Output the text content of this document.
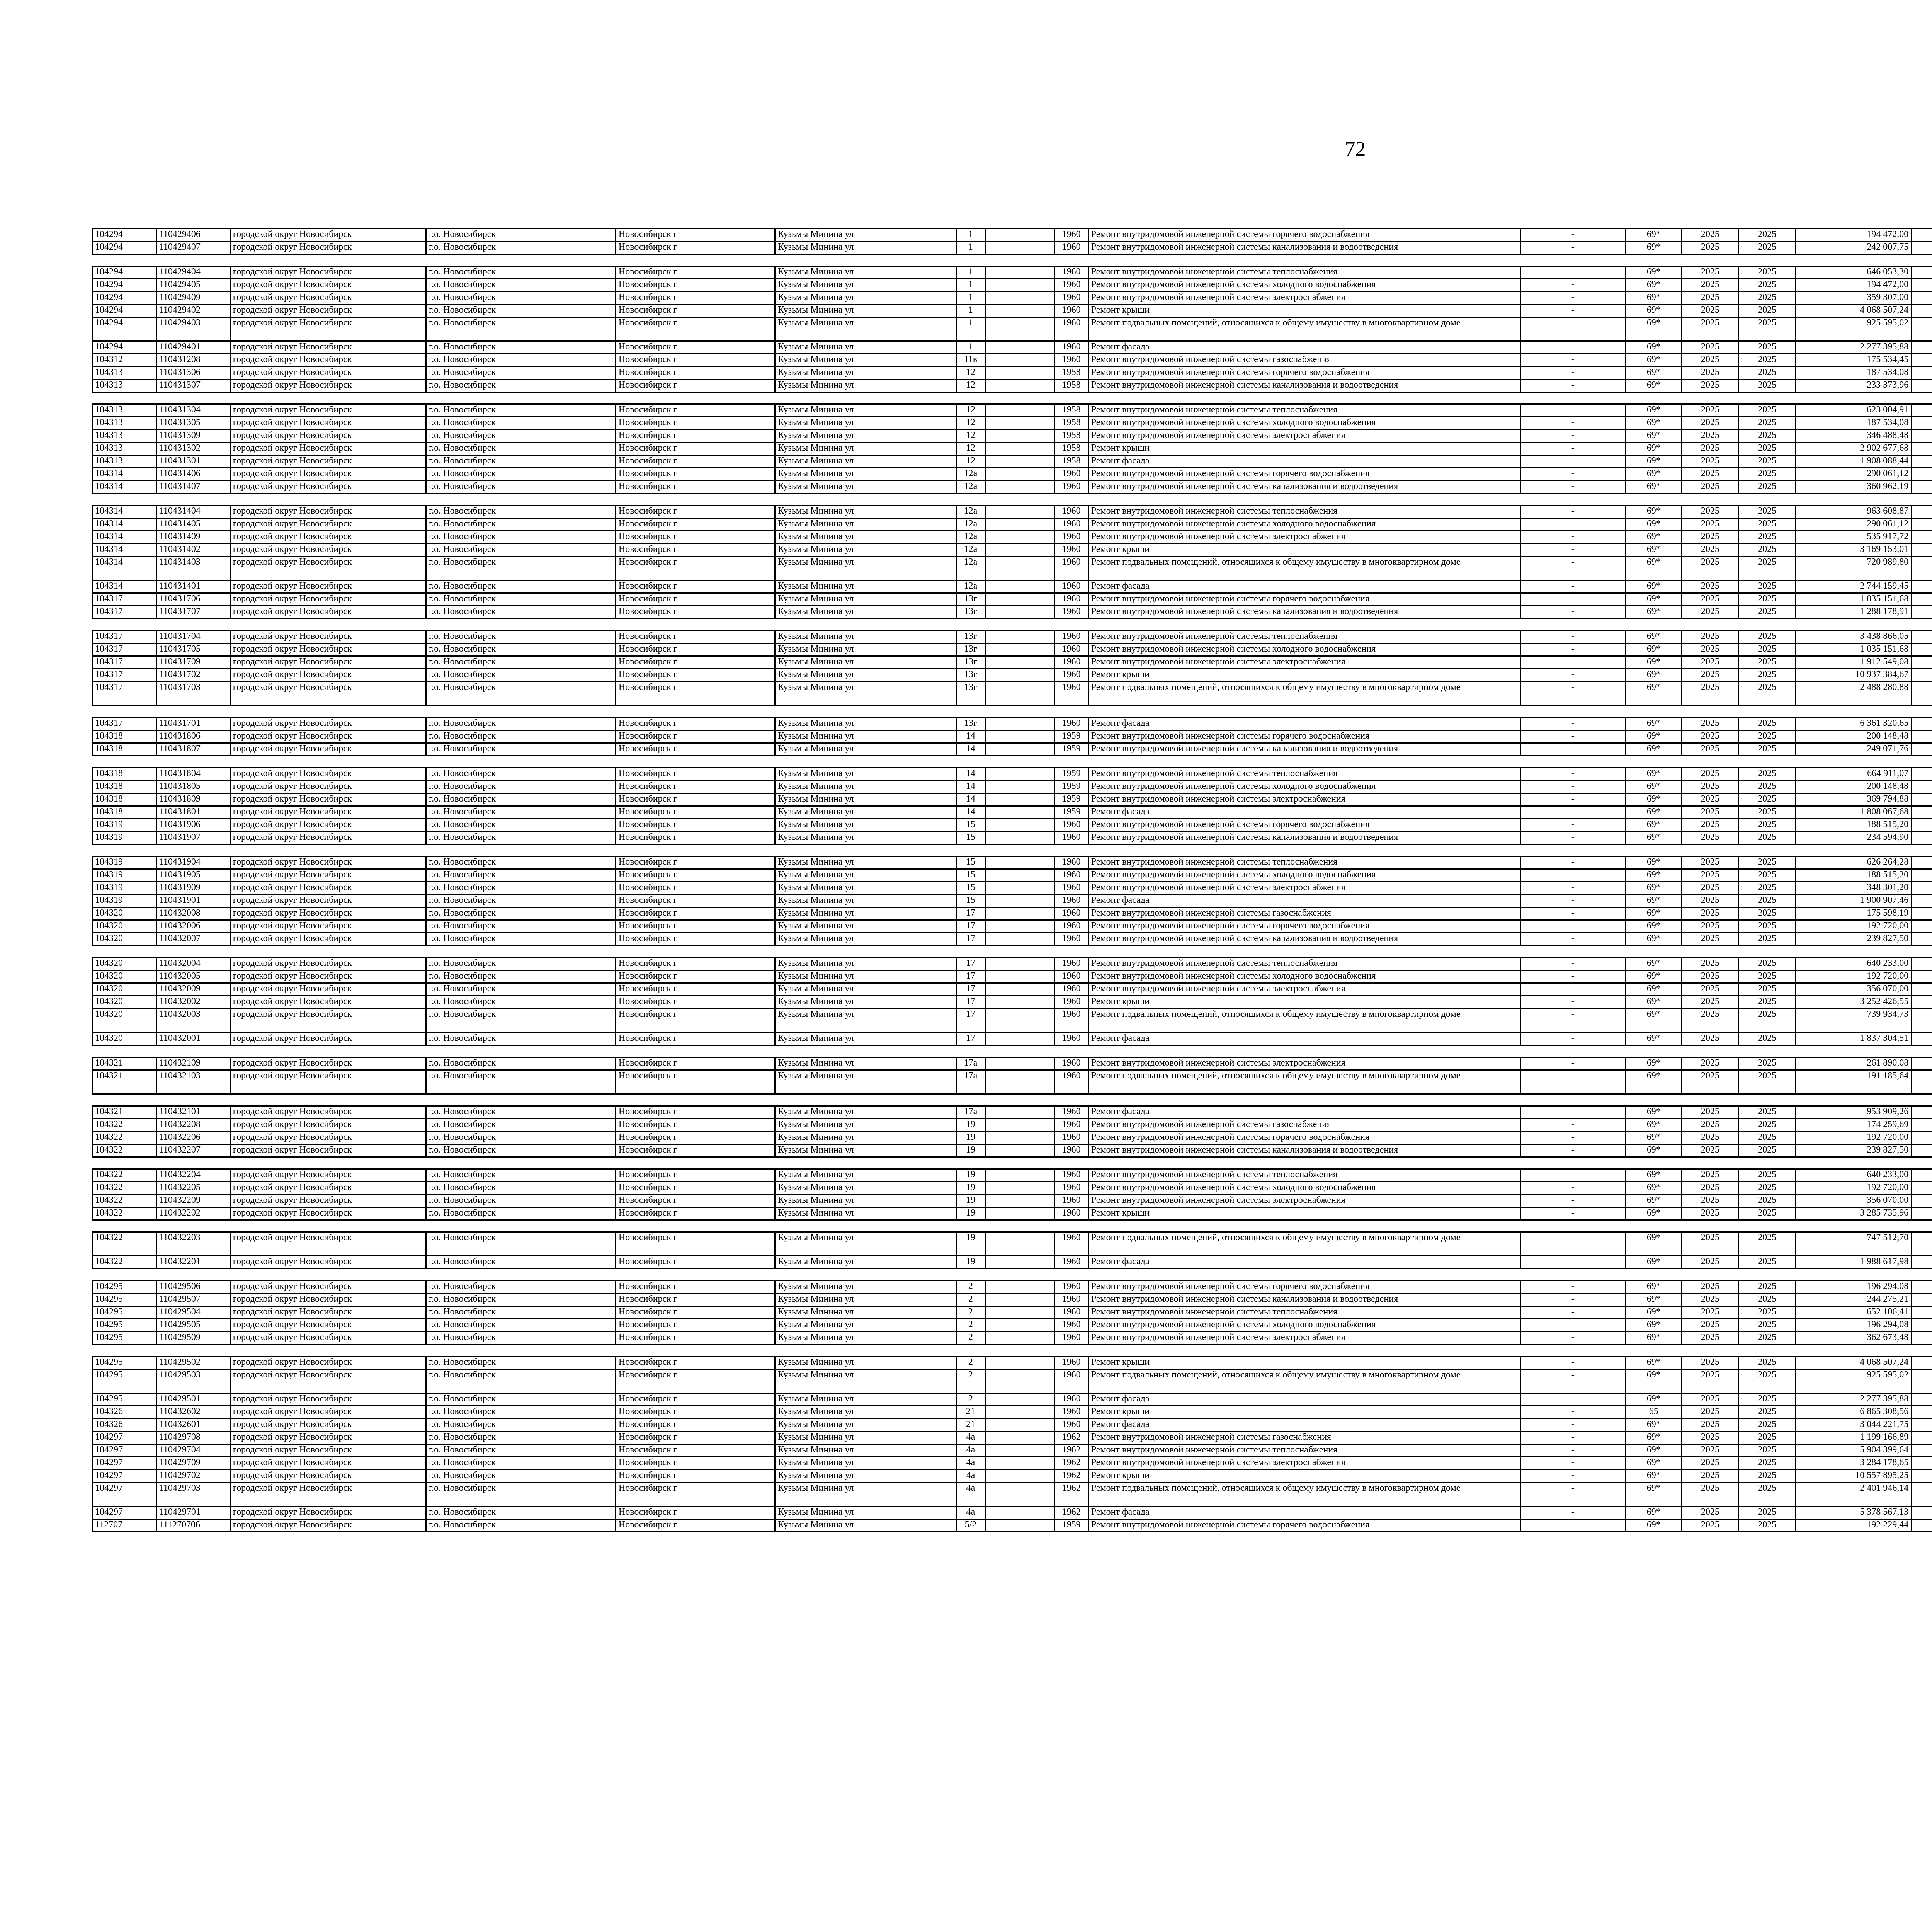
72
104294	110429406	городской округ Новосибирск	г.о. Новосибирск	Новосибирск г	Кузьмы Минина ул	1		1960	Ремонт внутридомовой инженерной системы горячего водоснабжения	-	69*	2025	2025	194 472,00						
104294	110429407	городской округ Новосибирск	г.о. Новосибирск	Новосибирск г	Кузьмы Минина ул	1		1960	Ремонт внутридомовой инженерной системы канализования и водоотведения	-	69*	2025	2025	242 007,75						

104294	110429404	городской округ Новосибирск	г.о. Новосибирск	Новосибирск г	Кузьмы Минина ул	1		1960	Ремонт внутридомовой инженерной системы теплоснабжения	-	69*	2025	2025	646 053,30						
104294	110429405	городской округ Новосибирск	г.о. Новосибирск	Новосибирск г	Кузьмы Минина ул	1		1960	Ремонт внутридомовой инженерной системы холодного водоснабжения	-	69*	2025	2025	194 472,00						
104294	110429409	городской округ Новосибирск	г.о. Новосибирск	Новосибирск г	Кузьмы Минина ул	1		1960	Ремонт внутридомовой инженерной системы электроснабжения	-	69*	2025	2025	359 307,00						
104294	110429402	городской округ Новосибирск	г.о. Новосибирск	Новосибирск г	Кузьмы Минина ул	1		1960	Ремонт крыши	-	69*	2025	2025	4 068 507,24						
104294	110429403	городской округ Новосибирск	г.о. Новосибирск	Новосибирск г	Кузьмы Минина ул	1		1960	Ремонт подвальных помещений, относящихся к общему имуществу в многоквартирном доме	-	69*	2025	2025	925 595,02						
104294	110429401	городской округ Новосибирск	г.о. Новосибирск	Новосибирск г	Кузьмы Минина ул	1		1960	Ремонт фасада	-	69*	2025	2025	2 277 395,88						
104312	110431208	городской округ Новосибирск	г.о. Новосибирск	Новосибирск г	Кузьмы Минина ул	11в		1960	Ремонт внутридомовой инженерной системы газоснабжения	-	69*	2025	2025	175 534,45						
104313	110431306	городской округ Новосибирск	г.о. Новосибирск	Новосибирск г	Кузьмы Минина ул	12		1958	Ремонт внутридомовой инженерной системы горячего водоснабжения	-	69*	2025	2025	187 534,08						
104313	110431307	городской округ Новосибирск	г.о. Новосибирск	Новосибирск г	Кузьмы Минина ул	12		1958	Ремонт внутридомовой инженерной системы канализования и водоотведения	-	69*	2025	2025	233 373,96						

104313	110431304	городской округ Новосибирск	г.о. Новосибирск	Новосибирск г	Кузьмы Минина ул	12		1958	Ремонт внутридомовой инженерной системы теплоснабжения	-	69*	2025	2025	623 004,91						
104313	110431305	городской округ Новосибирск	г.о. Новосибирск	Новосибирск г	Кузьмы Минина ул	12		1958	Ремонт внутридомовой инженерной системы холодного водоснабжения	-	69*	2025	2025	187 534,08						
104313	110431309	городской округ Новосибирск	г.о. Новосибирск	Новосибирск г	Кузьмы Минина ул	12		1958	Ремонт внутридомовой инженерной системы электроснабжения	-	69*	2025	2025	346 488,48						
104313	110431302	городской округ Новосибирск	г.о. Новосибирск	Новосибирск г	Кузьмы Минина ул	12		1958	Ремонт крыши	-	69*	2025	2025	2 902 677,68						
104313	110431301	городской округ Новосибирск	г.о. Новосибирск	Новосибирск г	Кузьмы Минина ул	12		1958	Ремонт фасада	-	69*	2025	2025	1 908 088,44						
104314	110431406	городской округ Новосибирск	г.о. Новосибирск	Новосибирск г	Кузьмы Минина ул	12а		1960	Ремонт внутридомовой инженерной системы горячего водоснабжения	-	69*	2025	2025	290 061,12						
104314	110431407	городской округ Новосибирск	г.о. Новосибирск	Новосибирск г	Кузьмы Минина ул	12а		1960	Ремонт внутридомовой инженерной системы канализования и водоотведения	-	69*	2025	2025	360 962,19						

104314	110431404	городской округ Новосибирск	г.о. Новосибирск	Новосибирск г	Кузьмы Минина ул	12а		1960	Ремонт внутридомовой инженерной системы теплоснабжения	-	69*	2025	2025	963 608,87						
104314	110431405	городской округ Новосибирск	г.о. Новосибирск	Новосибирск г	Кузьмы Минина ул	12а		1960	Ремонт внутридомовой инженерной системы холодного водоснабжения	-	69*	2025	2025	290 061,12						
104314	110431409	городской округ Новосибирск	г.о. Новосибирск	Новосибирск г	Кузьмы Минина ул	12а		1960	Ремонт внутридомовой инженерной системы электроснабжения	-	69*	2025	2025	535 917,72						
104314	110431402	городской округ Новосибирск	г.о. Новосибирск	Новосибирск г	Кузьмы Минина ул	12а		1960	Ремонт крыши	-	69*	2025	2025	3 169 153,01						
104314	110431403	городской округ Новосибирск	г.о. Новосибирск	Новосибирск г	Кузьмы Минина ул	12а		1960	Ремонт подвальных помещений, относящихся к общему имуществу в многоквартирном доме	-	69*	2025	2025	720 989,80						
104314	110431401	городской округ Новосибирск	г.о. Новосибирск	Новосибирск г	Кузьмы Минина ул	12а		1960	Ремонт фасада	-	69*	2025	2025	2 744 159,45						
104317	110431706	городской округ Новосибирск	г.о. Новосибирск	Новосибирск г	Кузьмы Минина ул	13г		1960	Ремонт внутридомовой инженерной системы горячего водоснабжения	-	69*	2025	2025	1 035 151,68						
104317	110431707	городской округ Новосибирск	г.о. Новосибирск	Новосибирск г	Кузьмы Минина ул	13г		1960	Ремонт внутридомовой инженерной системы канализования и водоотведения	-	69*	2025	2025	1 288 178,91						

104317	110431704	городской округ Новосибирск	г.о. Новосибирск	Новосибирск г	Кузьмы Минина ул	13г		1960	Ремонт внутридомовой инженерной системы теплоснабжения	-	69*	2025	2025	3 438 866,05						
104317	110431705	городской округ Новосибирск	г.о. Новосибирск	Новосибирск г	Кузьмы Минина ул	13г		1960	Ремонт внутридомовой инженерной системы холодного водоснабжения	-	69*	2025	2025	1 035 151,68						
104317	110431709	городской округ Новосибирск	г.о. Новосибирск	Новосибирск г	Кузьмы Минина ул	13г		1960	Ремонт внутридомовой инженерной системы электроснабжения	-	69*	2025	2025	1 912 549,08						
104317	110431702	городской округ Новосибирск	г.о. Новосибирск	Новосибирск г	Кузьмы Минина ул	13г		1960	Ремонт крыши	-	69*	2025	2025	10 937 384,67						
104317	110431703	городской округ Новосибирск	г.о. Новосибирск	Новосибирск г	Кузьмы Минина ул	13г		1960	Ремонт подвальных помещений, относящихся к общему имуществу в многоквартирном доме	-	69*	2025	2025	2 488 280,88						

104317	110431701	городской округ Новосибирск	г.о. Новосибирск	Новосибирск г	Кузьмы Минина ул	13г		1960	Ремонт фасада	-	69*	2025	2025	6 361 320,65						
104318	110431806	городской округ Новосибирск	г.о. Новосибирск	Новосибирск г	Кузьмы Минина ул	14		1959	Ремонт внутридомовой инженерной системы горячего водоснабжения	-	69*	2025	2025	200 148,48						
104318	110431807	городской округ Новосибирск	г.о. Новосибирск	Новосибирск г	Кузьмы Минина ул	14		1959	Ремонт внутридомовой инженерной системы канализования и водоотведения	-	69*	2025	2025	249 071,76						

104318	110431804	городской округ Новосибирск	г.о. Новосибирск	Новосибирск г	Кузьмы Минина ул	14		1959	Ремонт внутридомовой инженерной системы теплоснабжения	-	69*	2025	2025	664 911,07						
104318	110431805	городской округ Новосибирск	г.о. Новосибирск	Новосибирск г	Кузьмы Минина ул	14		1959	Ремонт внутридомовой инженерной системы холодного водоснабжения	-	69*	2025	2025	200 148,48						
104318	110431809	городской округ Новосибирск	г.о. Новосибирск	Новосибирск г	Кузьмы Минина ул	14		1959	Ремонт внутридомовой инженерной системы электроснабжения	-	69*	2025	2025	369 794,88						
104318	110431801	городской округ Новосибирск	г.о. Новосибирск	Новосибирск г	Кузьмы Минина ул	14		1959	Ремонт фасада	-	69*	2025	2025	1 808 067,68						
104319	110431906	городской округ Новосибирск	г.о. Новосибирск	Новосибирск г	Кузьмы Минина ул	15		1960	Ремонт внутридомовой инженерной системы горячего водоснабжения	-	69*	2025	2025	188 515,20						
104319	110431907	городской округ Новосибирск	г.о. Новосибирск	Новосибирск г	Кузьмы Минина ул	15		1960	Ремонт внутридомовой инженерной системы канализования и водоотведения	-	69*	2025	2025	234 594,90						

104319	110431904	городской округ Новосибирск	г.о. Новосибирск	Новосибирск г	Кузьмы Минина ул	15		1960	Ремонт внутридомовой инженерной системы теплоснабжения	-	69*	2025	2025	626 264,28						
104319	110431905	городской округ Новосибирск	г.о. Новосибирск	Новосибирск г	Кузьмы Минина ул	15		1960	Ремонт внутридомовой инженерной системы холодного водоснабжения	-	69*	2025	2025	188 515,20						
104319	110431909	городской округ Новосибирск	г.о. Новосибирск	Новосибирск г	Кузьмы Минина ул	15		1960	Ремонт внутридомовой инженерной системы электроснабжения	-	69*	2025	2025	348 301,20						
104319	110431901	городской округ Новосибирск	г.о. Новосибирск	Новосибирск г	Кузьмы Минина ул	15		1960	Ремонт фасада	-	69*	2025	2025	1 900 907,46						
104320	110432008	городской округ Новосибирск	г.о. Новосибирск	Новосибирск г	Кузьмы Минина ул	17		1960	Ремонт внутридомовой инженерной системы газоснабжения	-	69*	2025	2025	175 598,19						
104320	110432006	городской округ Новосибирск	г.о. Новосибирск	Новосибирск г	Кузьмы Минина ул	17		1960	Ремонт внутридомовой инженерной системы горячего водоснабжения	-	69*	2025	2025	192 720,00						
104320	110432007	городской округ Новосибирск	г.о. Новосибирск	Новосибирск г	Кузьмы Минина ул	17		1960	Ремонт внутридомовой инженерной системы канализования и водоотведения	-	69*	2025	2025	239 827,50						

104320	110432004	городской округ Новосибирск	г.о. Новосибирск	Новосибирск г	Кузьмы Минина ул	17		1960	Ремонт внутридомовой инженерной системы теплоснабжения	-	69*	2025	2025	640 233,00						
104320	110432005	городской округ Новосибирск	г.о. Новосибирск	Новосибирск г	Кузьмы Минина ул	17		1960	Ремонт внутридомовой инженерной системы холодного водоснабжения	-	69*	2025	2025	192 720,00						
104320	110432009	городской округ Новосибирск	г.о. Новосибирск	Новосибирск г	Кузьмы Минина ул	17		1960	Ремонт внутридомовой инженерной системы электроснабжения	-	69*	2025	2025	356 070,00						
104320	110432002	городской округ Новосибирск	г.о. Новосибирск	Новосибирск г	Кузьмы Минина ул	17		1960	Ремонт крыши	-	69*	2025	2025	3 252 426,55						
104320	110432003	городской округ Новосибирск	г.о. Новосибирск	Новосибирск г	Кузьмы Минина ул	17		1960	Ремонт подвальных помещений, относящихся к общему имуществу в многоквартирном доме	-	69*	2025	2025	739 934,73						
104320	110432001	городской округ Новосибирск	г.о. Новосибирск	Новосибирск г	Кузьмы Минина ул	17		1960	Ремонт фасада	-	69*	2025	2025	1 837 304,51						

104321	110432109	городской округ Новосибирск	г.о. Новосибирск	Новосибирск г	Кузьмы Минина ул	17а		1960	Ремонт внутридомовой инженерной системы электроснабжения	-	69*	2025	2025	261 890,08						
104321	110432103	городской округ Новосибирск	г.о. Новосибирск	Новосибирск г	Кузьмы Минина ул	17а		1960	Ремонт подвальных помещений, относящихся к общему имуществу в многоквартирном доме	-	69*	2025	2025	191 185,64						

104321	110432101	городской округ Новосибирск	г.о. Новосибирск	Новосибирск г	Кузьмы Минина ул	17а		1960	Ремонт фасада	-	69*	2025	2025	953 909,26						
104322	110432208	городской округ Новосибирск	г.о. Новосибирск	Новосибирск г	Кузьмы Минина ул	19		1960	Ремонт внутридомовой инженерной системы газоснабжения	-	69*	2025	2025	174 259,69						
104322	110432206	городской округ Новосибирск	г.о. Новосибирск	Новосибирск г	Кузьмы Минина ул	19		1960	Ремонт внутридомовой инженерной системы горячего водоснабжения	-	69*	2025	2025	192 720,00						
104322	110432207	городской округ Новосибирск	г.о. Новосибирск	Новосибирск г	Кузьмы Минина ул	19		1960	Ремонт внутридомовой инженерной системы канализования и водоотведения	-	69*	2025	2025	239 827,50						

104322	110432204	городской округ Новосибирск	г.о. Новосибирск	Новосибирск г	Кузьмы Минина ул	19		1960	Ремонт внутридомовой инженерной системы теплоснабжения	-	69*	2025	2025	640 233,00						
104322	110432205	городской округ Новосибирск	г.о. Новосибирск	Новосибирск г	Кузьмы Минина ул	19		1960	Ремонт внутридомовой инженерной системы холодного водоснабжения	-	69*	2025	2025	192 720,00						
104322	110432209	городской округ Новосибирск	г.о. Новосибирск	Новосибирск г	Кузьмы Минина ул	19		1960	Ремонт внутридомовой инженерной системы электроснабжения	-	69*	2025	2025	356 070,00						
104322	110432202	городской округ Новосибирск	г.о. Новосибирск	Новосибирск г	Кузьмы Минина ул	19		1960	Ремонт крыши	-	69*	2025	2025	3 285 735,96						

104322	110432203	городской округ Новосибирск	г.о. Новосибирск	Новосибирск г	Кузьмы Минина ул	19		1960	Ремонт подвальных помещений, относящихся к общему имуществу в многоквартирном доме	-	69*	2025	2025	747 512,70						
104322	110432201	городской округ Новосибирск	г.о. Новосибирск	Новосибирск г	Кузьмы Минина ул	19		1960	Ремонт фасада	-	69*	2025	2025	1 988 617,98						

104295	110429506	городской округ Новосибирск	г.о. Новосибирск	Новосибирск г	Кузьмы Минина ул	2		1960	Ремонт внутридомовой инженерной системы горячего водоснабжения	-	69*	2025	2025	196 294,08						
104295	110429507	городской округ Новосибирск	г.о. Новосибирск	Новосибирск г	Кузьмы Минина ул	2		1960	Ремонт внутридомовой инженерной системы канализования и водоотведения	-	69*	2025	2025	244 275,21						
104295	110429504	городской округ Новосибирск	г.о. Новосибирск	Новосибирск г	Кузьмы Минина ул	2		1960	Ремонт внутридомовой инженерной системы теплоснабжения	-	69*	2025	2025	652 106,41						
104295	110429505	городской округ Новосибирск	г.о. Новосибирск	Новосибирск г	Кузьмы Минина ул	2		1960	Ремонт внутридомовой инженерной системы холодного водоснабжения	-	69*	2025	2025	196 294,08						
104295	110429509	городской округ Новосибирск	г.о. Новосибирск	Новосибирск г	Кузьмы Минина ул	2		1960	Ремонт внутридомовой инженерной системы электроснабжения	-	69*	2025	2025	362 673,48						

104295	110429502	городской округ Новосибирск	г.о. Новосибирск	Новосибирск г	Кузьмы Минина ул	2		1960	Ремонт крыши	-	69*	2025	2025	4 068 507,24						
104295	110429503	городской округ Новосибирск	г.о. Новосибирск	Новосибирск г	Кузьмы Минина ул	2		1960	Ремонт подвальных помещений, относящихся к общему имуществу в многоквартирном доме	-	69*	2025	2025	925 595,02						
104295	110429501	городской округ Новосибирск	г.о. Новосибирск	Новосибирск г	Кузьмы Минина ул	2		1960	Ремонт фасада	-	69*	2025	2025	2 277 395,88						
104326	110432602	городской округ Новосибирск	г.о. Новосибирск	Новосибирск г	Кузьмы Минина ул	21		1960	Ремонт крыши	-	65	2025	2025	6 865 308,56						
104326	110432601	городской округ Новосибирск	г.о. Новосибирск	Новосибирск г	Кузьмы Минина ул	21		1960	Ремонт фасада	-	69*	2025	2025	3 044 221,75						
104297	110429708	городской округ Новосибирск	г.о. Новосибирск	Новосибирск г	Кузьмы Минина ул	4а		1962	Ремонт внутридомовой инженерной системы газоснабжения	-	69*	2025	2025	1 199 166,89						
104297	110429704	городской округ Новосибирск	г.о. Новосибирск	Новосибирск г	Кузьмы Минина ул	4а		1962	Ремонт внутридомовой инженерной системы теплоснабжения	-	69*	2025	2025	5 904 399,64						
104297	110429709	городской округ Новосибирск	г.о. Новосибирск	Новосибирск г	Кузьмы Минина ул	4а		1962	Ремонт внутридомовой инженерной системы электроснабжения	-	69*	2025	2025	3 284 178,65						
104297	110429702	городской округ Новосибирск	г.о. Новосибирск	Новосибирск г	Кузьмы Минина ул	4а		1962	Ремонт крыши	-	69*	2025	2025	10 557 895,25						
104297	110429703	городской округ Новосибирск	г.о. Новосибирск	Новосибирск г	Кузьмы Минина ул	4а		1962	Ремонт подвальных помещений, относящихся к общему имуществу в многоквартирном доме	-	69*	2025	2025	2 401 946,14						
104297	110429701	городской округ Новосибирск	г.о. Новосибирск	Новосибирск г	Кузьмы Минина ул	4а		1962	Ремонт фасада	-	69*	2025	2025	5 378 567,13						
112707	111270706	городской округ Новосибирск	г.о. Новосибирск	Новосибирск г	Кузьмы Минина ул	5/2		1959	Ремонт внутридомовой инженерной системы горячего водоснабжения	-	69*	2025	2025	192 229,44						
